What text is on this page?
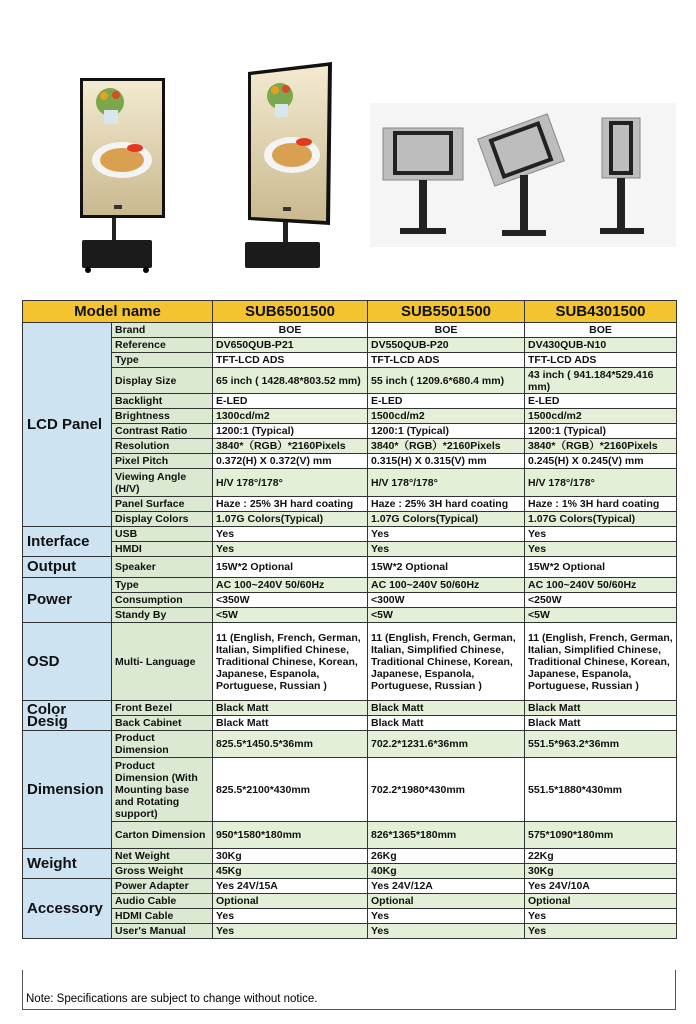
Model name		SUB6501500	SUB5501500	SUB4301500
LCD Panel	Brand	BOE	BOE	BOE
	Reference	DV650QUB-P21	DV550QUB-P20	DV430QUB-N10
	Type	TFT-LCD ADS	TFT-LCD ADS	TFT-LCD ADS
	Display Size	65 inch ( 1428.48*803.52 mm)	55 inch ( 1209.6*680.4 mm)	43 inch ( 941.184*529.416 mm)
	Backlight	E-LED	E-LED	E-LED
	Brightness	1300cd/m2	1500cd/m2	1500cd/m2
	Contrast Ratio	1200:1 (Typical)	1200:1 (Typical)	1200:1 (Typical)
	Resolution	3840*（RGB）*2160Pixels	3840*（RGB）*2160Pixels	3840*（RGB）*2160Pixels
	Pixel Pitch	0.372(H) X 0.372(V) mm	0.315(H) X 0.315(V) mm	0.245(H) X 0.245(V) mm
	Viewing Angle (H/V)	H/V 178°/178°	H/V 178°/178°	H/V 178°/178°
	Panel Surface	Haze : 25% 3H hard coating	Haze : 25% 3H hard coating	Haze : 1% 3H hard coating
	Display Colors	1.07G Colors(Typical)	1.07G Colors(Typical)	1.07G Colors(Typical)
Interface	USB	Yes	Yes	Yes
	HMDI	Yes	Yes	Yes
Output	Speaker	15W*2 Optional	15W*2 Optional	15W*2 Optional
Power	Type	AC 100~240V 50/60Hz	AC 100~240V 50/60Hz	AC 100~240V 50/60Hz
	Consumption	<350W	<300W	<250W
	Standy By	<5W	<5W	<5W
OSD	Multi- Language	11 (English, French, German, Italian, Simplified Chinese, Traditional Chinese, Korean, Japanese, Espanola, Portuguese, Russian )	11 (English, French, German, Italian, Simplified Chinese, Traditional Chinese, Korean, Japanese, Espanola, Portuguese, Russian )	11 (English, French, German, Italian, Simplified Chinese, Traditional Chinese, Korean, Japanese, Espanola, Portuguese, Russian )
Color Desig	Front Bezel	Black Matt	Black Matt	Black Matt
	Back Cabinet	Black Matt	Black Matt	Black Matt
Dimension	Product Dimension	825.5*1450.5*36mm	702.2*1231.6*36mm	551.5*963.2*36mm
	Product Dimension (With Mounting base and Rotating support)	825.5*2100*430mm	702.2*1980*430mm	551.5*1880*430mm
	Carton Dimension	950*1580*180mm	826*1365*180mm	575*1090*180mm
Weight	Net Weight	30Kg	26Kg	22Kg
	Gross Weight	45Kg	40Kg	30Kg
Accessory	Power Adapter	Yes 24V/15A	Yes 24V/12A	Yes 24V/10A
	Audio Cable	Optional	Optional	Optional
	HDMI Cable	Yes	Yes	Yes
	User's Manual	Yes	Yes	Yes
Note: Specifications are subject to change without notice.
